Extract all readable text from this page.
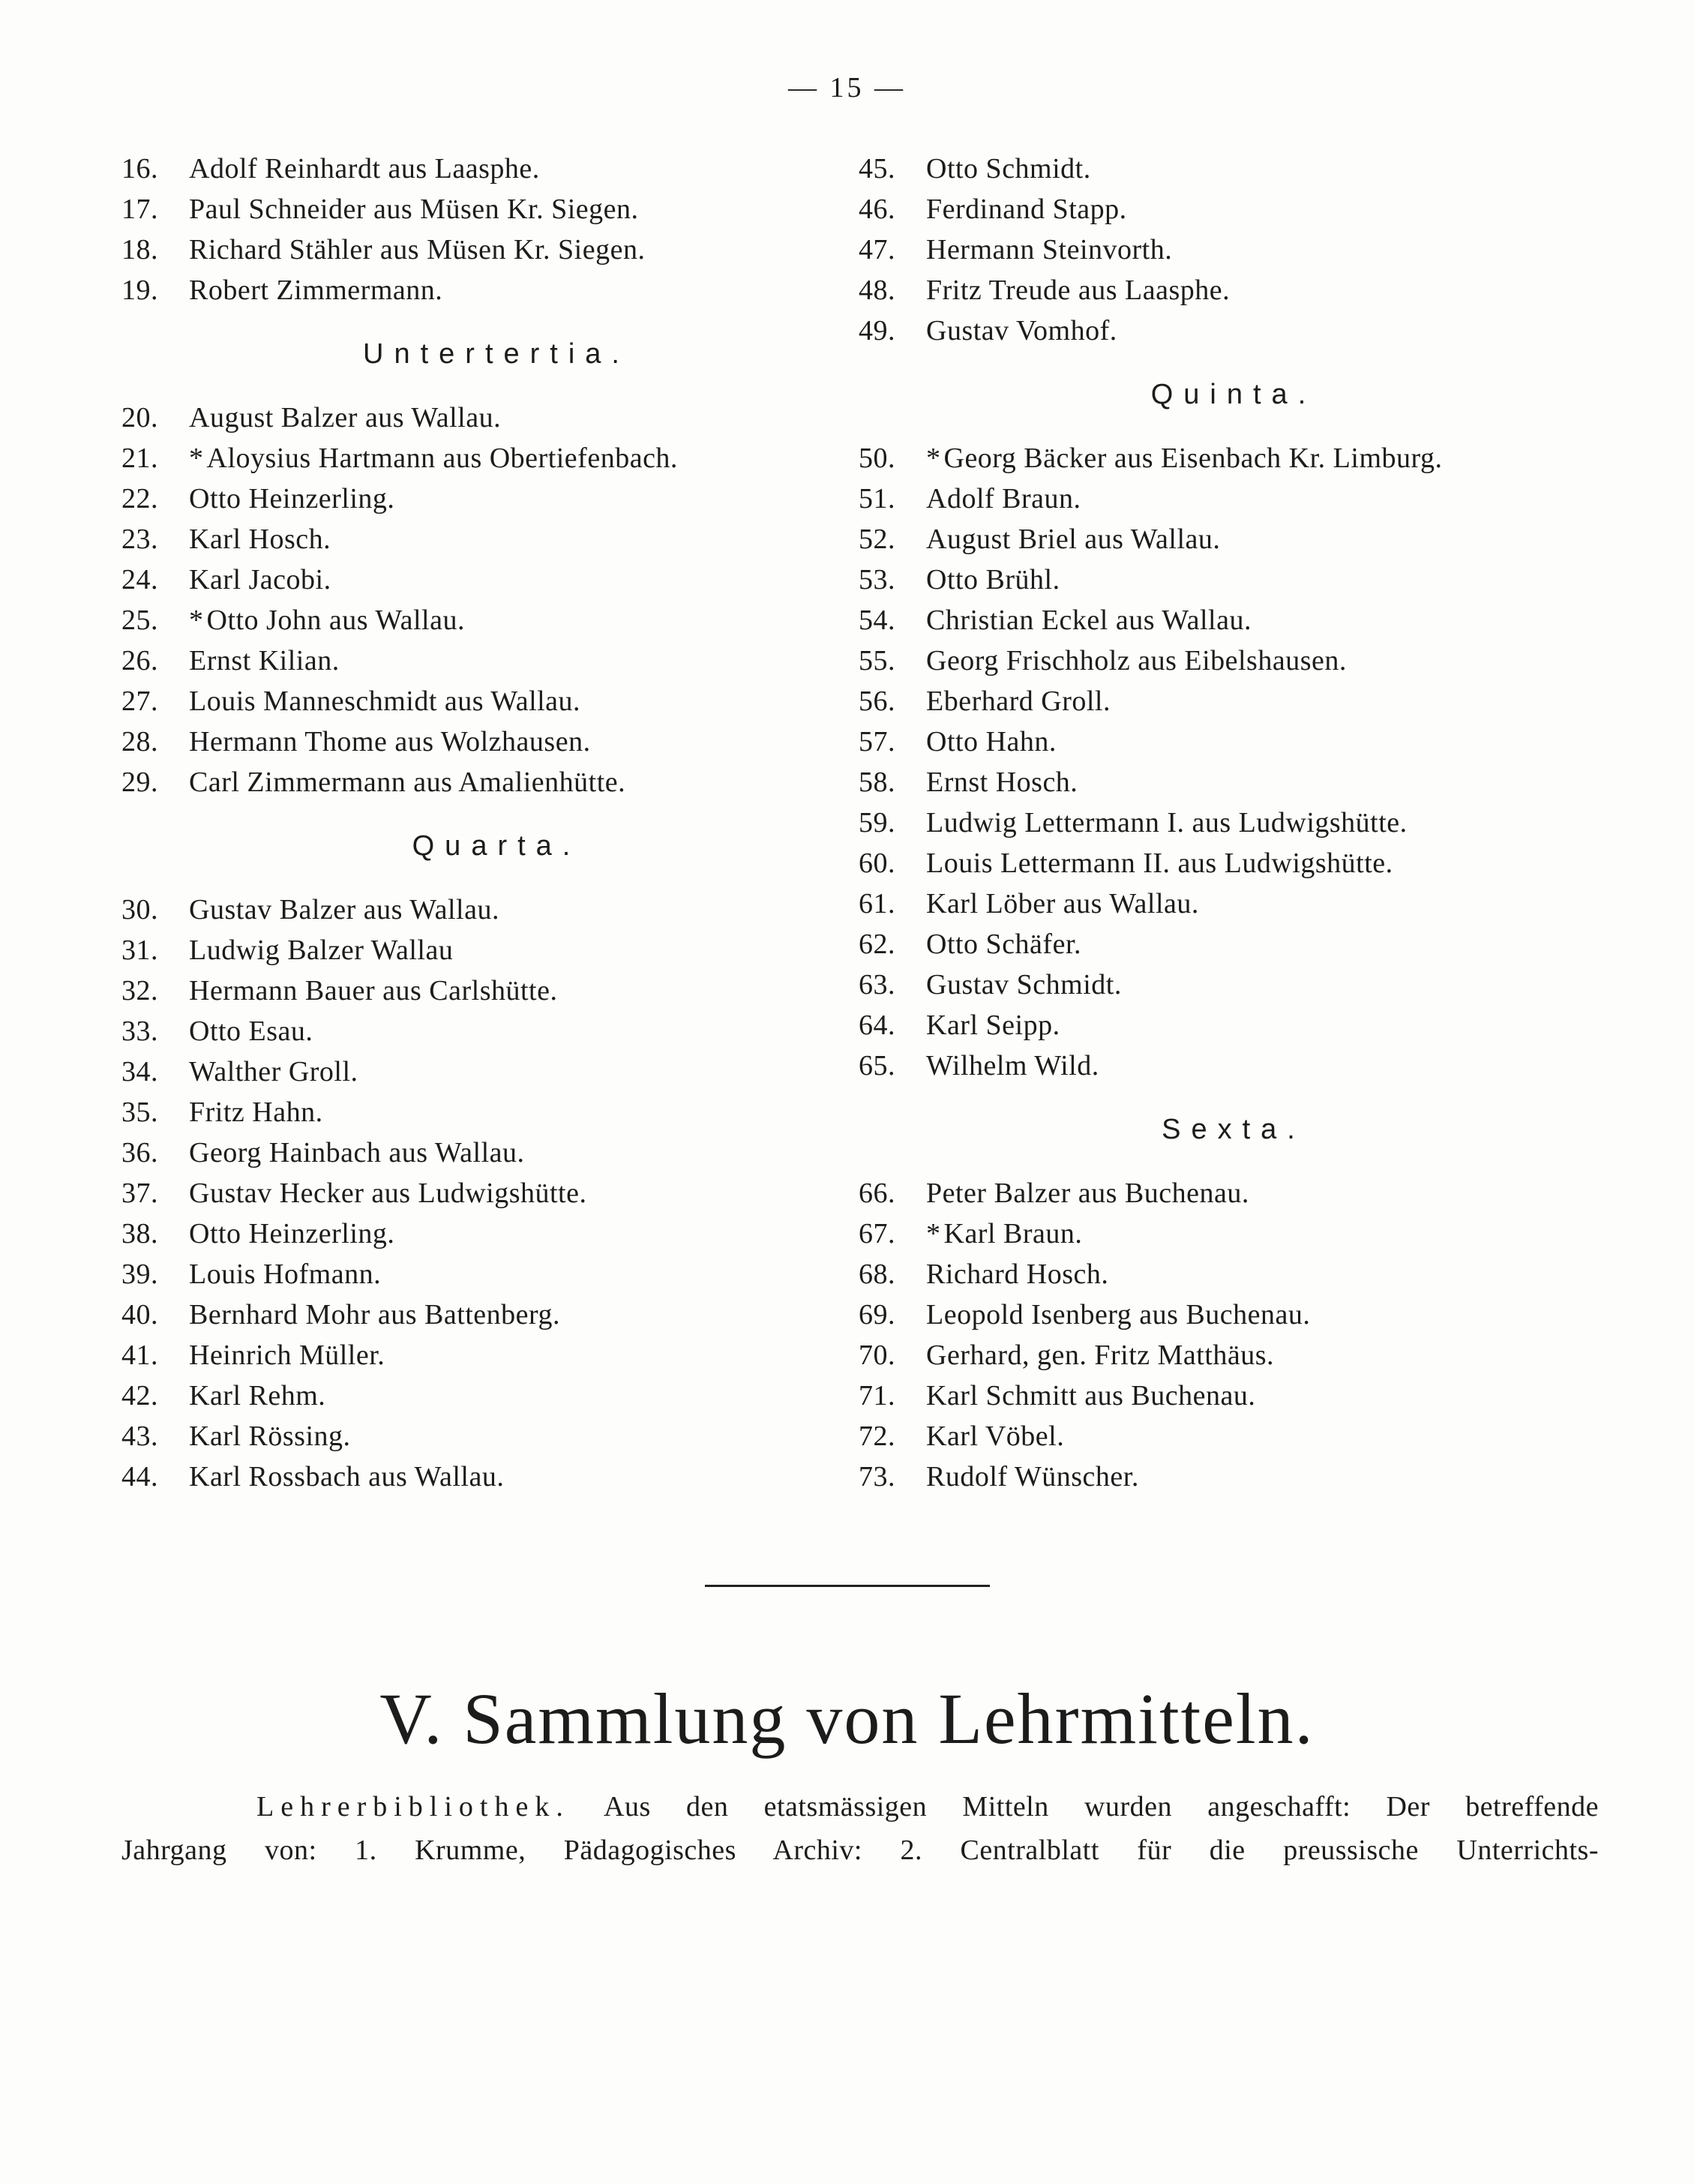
— 15 —
16. Adolf Reinhardt aus Laasphe.
17. Paul Schneider aus Müsen Kr. Siegen.
18. Richard Stähler aus Müsen Kr. Siegen.
19. Robert Zimmermann.
Untertertia.
20. August Balzer aus Wallau.
21. * Aloysius Hartmann aus Obertiefenbach.
22. Otto Heinzerling.
23. Karl Hosch.
24. Karl Jacobi.
25. * Otto John aus Wallau.
26. Ernst Kilian.
27. Louis Manneschmidt aus Wallau.
28. Hermann Thome aus Wolzhausen.
29. Carl Zimmermann aus Amalienhütte.
Quarta.
30. Gustav Balzer aus Wallau.
31. Ludwig Balzer Wallau
32. Hermann Bauer aus Carlshütte.
33. Otto Esau.
34. Walther Groll.
35. Fritz Hahn.
36. Georg Hainbach aus Wallau.
37. Gustav Hecker aus Ludwigshütte.
38. Otto Heinzerling.
39. Louis Hofmann.
40. Bernhard Mohr aus Battenberg.
41. Heinrich Müller.
42. Karl Rehm.
43. Karl Rössing.
44. Karl Rossbach aus Wallau.
45. Otto Schmidt.
46. Ferdinand Stapp.
47. Hermann Steinvorth.
48. Fritz Treude aus Laasphe.
49. Gustav Vomhof.
Quinta.
50. * Georg Bäcker aus Eisenbach Kr. Limburg.
51. Adolf Braun.
52. August Briel aus Wallau.
53. Otto Brühl.
54. Christian Eckel aus Wallau.
55. Georg Frischholz aus Eibelshausen.
56. Eberhard Groll.
57. Otto Hahn.
58. Ernst Hosch.
59. Ludwig Lettermann I. aus Ludwigshütte.
60. Louis Lettermann II. aus Ludwigshütte.
61. Karl Löber aus Wallau.
62. Otto Schäfer.
63. Gustav Schmidt.
64. Karl Seipp.
65. Wilhelm Wild.
Sexta.
66. Peter Balzer aus Buchenau.
67. * Karl Braun.
68. Richard Hosch.
69. Leopold Isenberg aus Buchenau.
70. Gerhard, gen. Fritz Matthäus.
71. Karl Schmitt aus Buchenau.
72. Karl Vöbel.
73. Rudolf Wünscher.
V. Sammlung von Lehrmitteln.
Lehrerbibliothek. Aus den etatsmässigen Mitteln wurden angeschafft: Der betreffende
Jahrgang von: 1. Krumme, Pädagogisches Archiv: 2. Centralblatt für die preussische Unterrichts-
